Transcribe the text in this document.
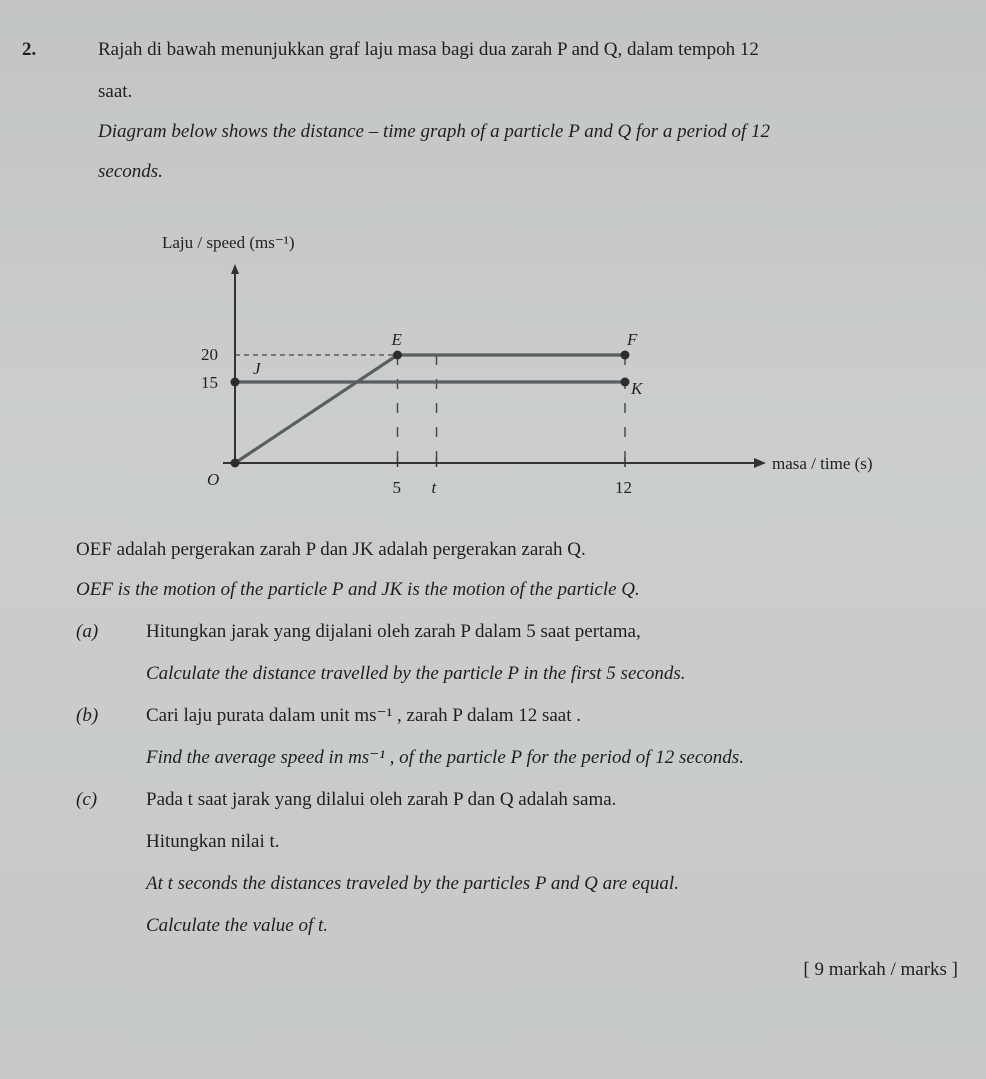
2.	Rajah di bawah menunjukkan graf laju masa bagi dua zarah P and Q, dalam tempoh 12
saat.
Diagram below shows the distance – time graph of a particle P and Q for a period of 12
seconds.
Laju / speed (ms⁻¹)
masa / time (s)
20
15
5 t	12
O
E	F
J
K
OEF adalah pergerakan zarah P dan JK adalah pergerakan zarah Q.
OEF is the motion of the particle P and JK is the motion of the particle Q.
(a)	Hitungkan jarak yang dijalani oleh zarah P dalam 5 saat pertama,
Calculate the distance travelled by the particle P in the first 5 seconds.
(b)	Cari laju purata dalam unit ms⁻¹ , zarah P dalam 12 saat .
Find the average speed in ms⁻¹ , of the particle P for the period of 12 seconds.
(c)	Pada t saat jarak yang dilalui oleh zarah P dan Q adalah sama.
Hitungkan nilai t.
At t seconds the distances traveled by the particles P and Q are equal.
Calculate the value of t.
[ 9 markah / marks ]
